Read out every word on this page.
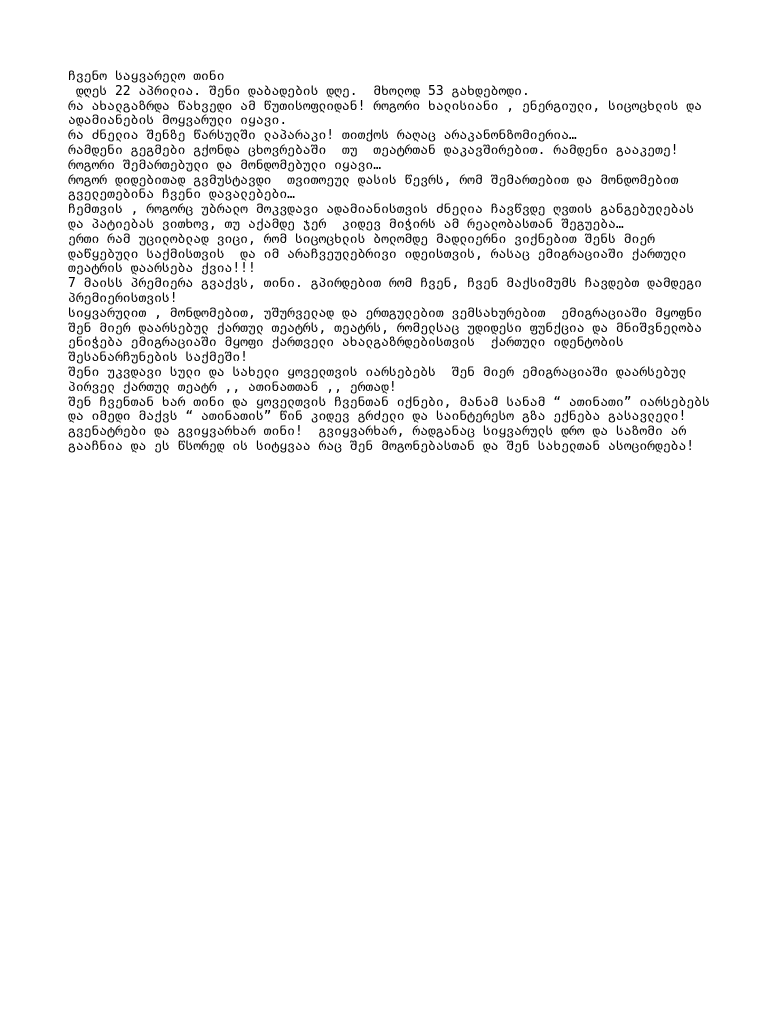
ჩვენო საყვარელო თინი
დღეს 22 აპრილია. შენი დაბადების დღე.  მხოლოდ 53 გახდებოდი.
რა ახალგაზრდა წახვედი ამ წუთისოფლიდან! როგორი ხალისიანი , ენერგიული, სიცოცხლის და
ადამიანების მოყვარული იყავი.
რა ძნელია შენზე წარსულში ლაპარაკი! თითქოს რაღაც არაკანონზომიერია…
რამდენი გეგმები გქონდა ცხოვრებაში  თუ  თეატრთან დაკავშირებით. რამდენი გააკეთე!
როგორი შემართებული და მონდომებული იყავი…
როგორ დიდებითად გვმუსტავდი  თვითოეულ დასის წევრს, რომ შემართებით და მონდომებით
გველეთებინა ჩვენი დავალებები…
ჩემთვის , როგორც უბრალო მოკვდავი ადამიანისთვის ძნელია ჩავწვდე ღვთის განგებულებას
და პატიებას ვითხოვ, თუ აქამდე ჯერ  კიდევ მიჭირს ამ რეალობასთან შეგუება…
ერთი რამ უცილობლად ვიცი, რომ სიცოცხლის ბოლომდე მადლიერნი ვიქნებით შენს მიერ
დაწყებული საქმისთვის  და იმ არაჩვეულებრივი იდეისთვის, რასაც ემიგრაციაში ქართული
თეატრის დაარსება ქვია!!!
7 მაისს პრემიერა გვაქვს, თინი. გპირდებით რომ ჩვენ, ჩვენ მაქსიმუმს ჩავდებთ დამდეგი
პრემიერისთვის!
სიყვარულით , მონდომებით, უშურველად და ერთგულებით ვემსახურებით  ემიგრაციაში მყოფნი
შენ მიერ დაარსებულ ქართულ თეატრს, თეატრს, რომელსაც უდიდესი ფუნქცია და მნიშვნელობა
ენიჭება ემიგრაციაში მყოფი ქართველი ახალგაზრდებისთვის  ქართული იდენტობის
შესანარჩუნების საქმეში!
შენი უკვდავი სული და სახელი ყოველთვის იარსებებს  შენ მიერ ემიგრაციაში დაარსებულ
პირველ ქართულ თეატრ ,, ათინათთან ,, ერთად!
შენ ჩვენთან ხარ თინი და ყოველთვის ჩვენთან იქნები, მანამ სანამ “ ათინათი” იარსებებს
და იმედი მაქვს “ ათინათის” წინ კიდევ გრძელი და საინტერესო გზა ექნება გასავლელი!
გვენატრები და გვიყვარხარ თინი!  გვიყვარხარ, რადგანაც სიყვარულს დრო და საზომი არ
გააჩნია და ეს წსორედ ის სიტყვაა რაც შენ მოგონებასთან და შენ სახელთან ასოცირდება!
